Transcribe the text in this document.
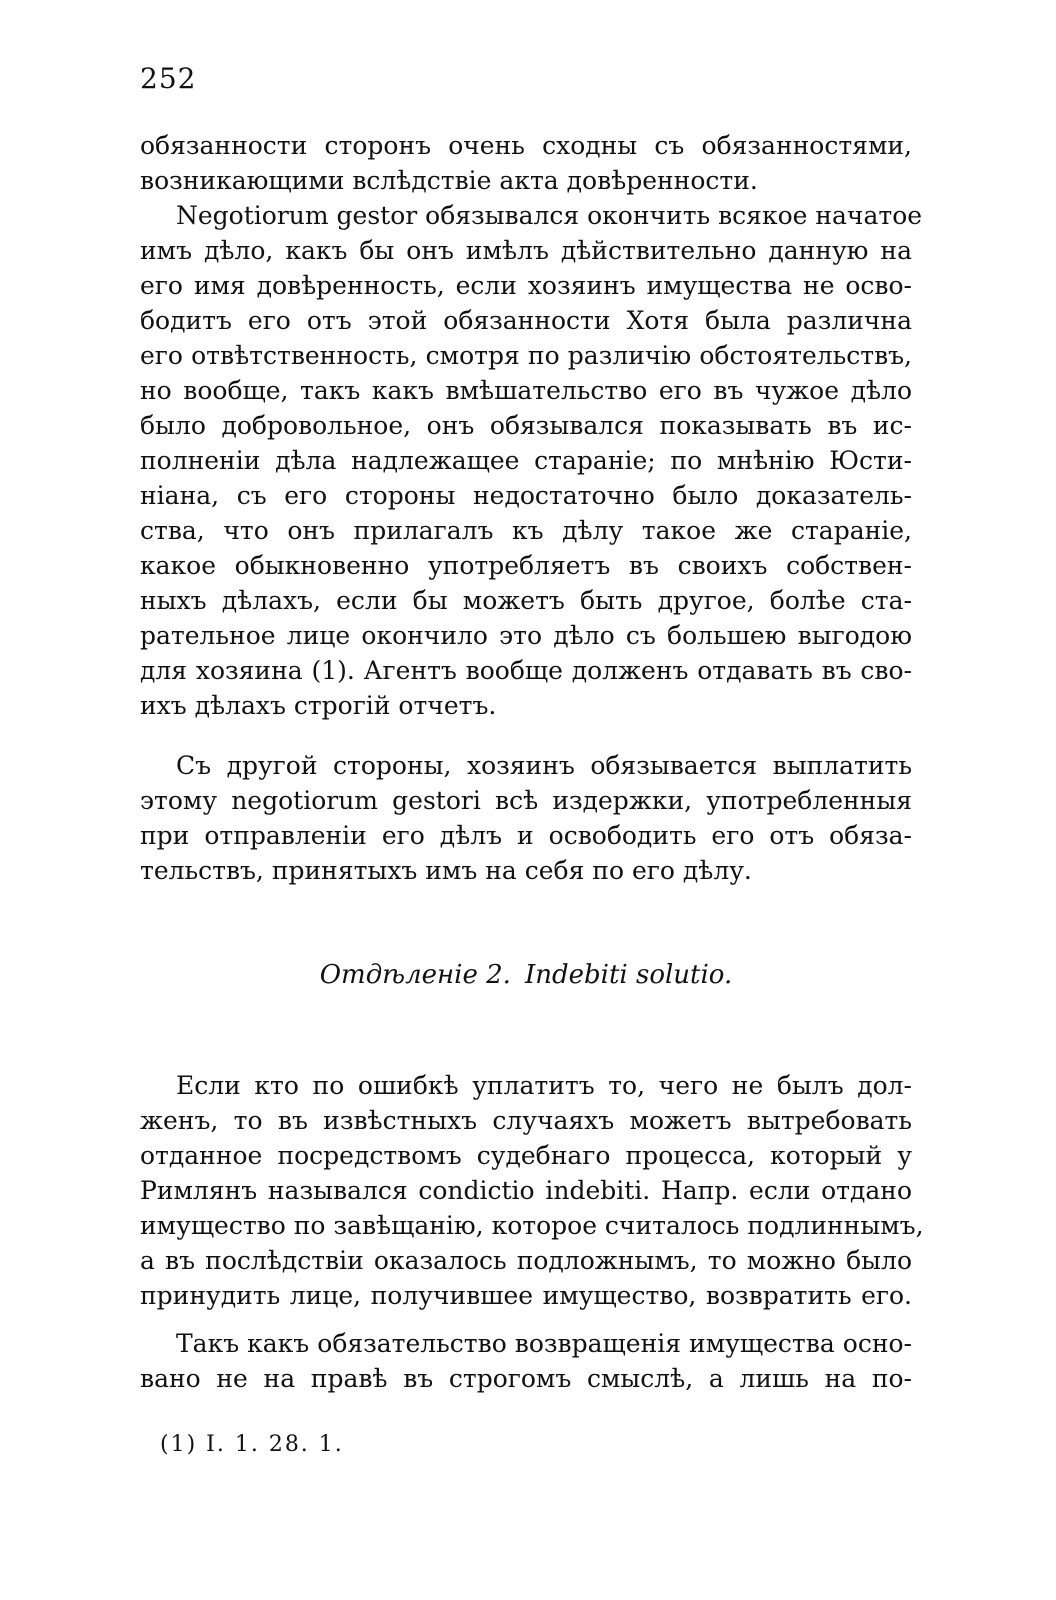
252
обязанности сторонъ очень сходны съ обязанностями,
возникающими вслѣдствіе акта довѣренности.
Negotiorum gestor обязывался окончить всякое начатое
имъ дѣло, какъ бы онъ имѣлъ дѣйствительно данную на
его имя довѣренность, если хозяинъ имущества не осво-
бодитъ его отъ этой обязанности Хотя была различна
его отвѣтственность, смотря по различію обстоятельствъ,
но вообще, такъ какъ вмѣшательство его въ чужое дѣло
было добровольное, онъ обязывался показывать въ ис-
полненіи дѣла надлежащее стараніе; по мнѣнію Юсти-
ніана, съ его стороны недостаточно было доказатель-
ства, что онъ прилагалъ къ дѣлу такое же стараніе,
какое обыкновенно употребляетъ въ своихъ собствен-
ныхъ дѣлахъ, если бы можетъ быть другое, болѣе ста-
рательное лице окончило это дѣло съ большею выгодою
для хозяина (1). Агентъ вообще долженъ отдавать въ сво-
ихъ дѣлахъ строгій отчетъ.
Съ другой стороны, хозяинъ обязывается выплатить
этому negotiorum gestori всѣ издержки, употребленныя
при отправленіи его дѣлъ и освободить его отъ обяза-
тельствъ, принятыхъ имъ на себя по его дѣлу.
Отдѣленіе 2. Indebiti solutio.
Если кто по ошибкѣ уплатитъ то, чего не былъ дол-
женъ, то въ извѣстныхъ случаяхъ можетъ вытребовать
отданное посредствомъ судебнаго процесса, который у
Римлянъ назывался condictio indebiti. Напр. если отдано
имущество по завѣщанію, которое считалось подлиннымъ,
а въ послѣдствіи оказалось подложнымъ, то можно было
принудить лице, получившее имущество, возвратить его.
Такъ какъ обязательство возвращенія имущества осно-
вано не на правѣ въ строгомъ смыслѣ, а лишь на по-
(1) I. 1. 28. 1.
